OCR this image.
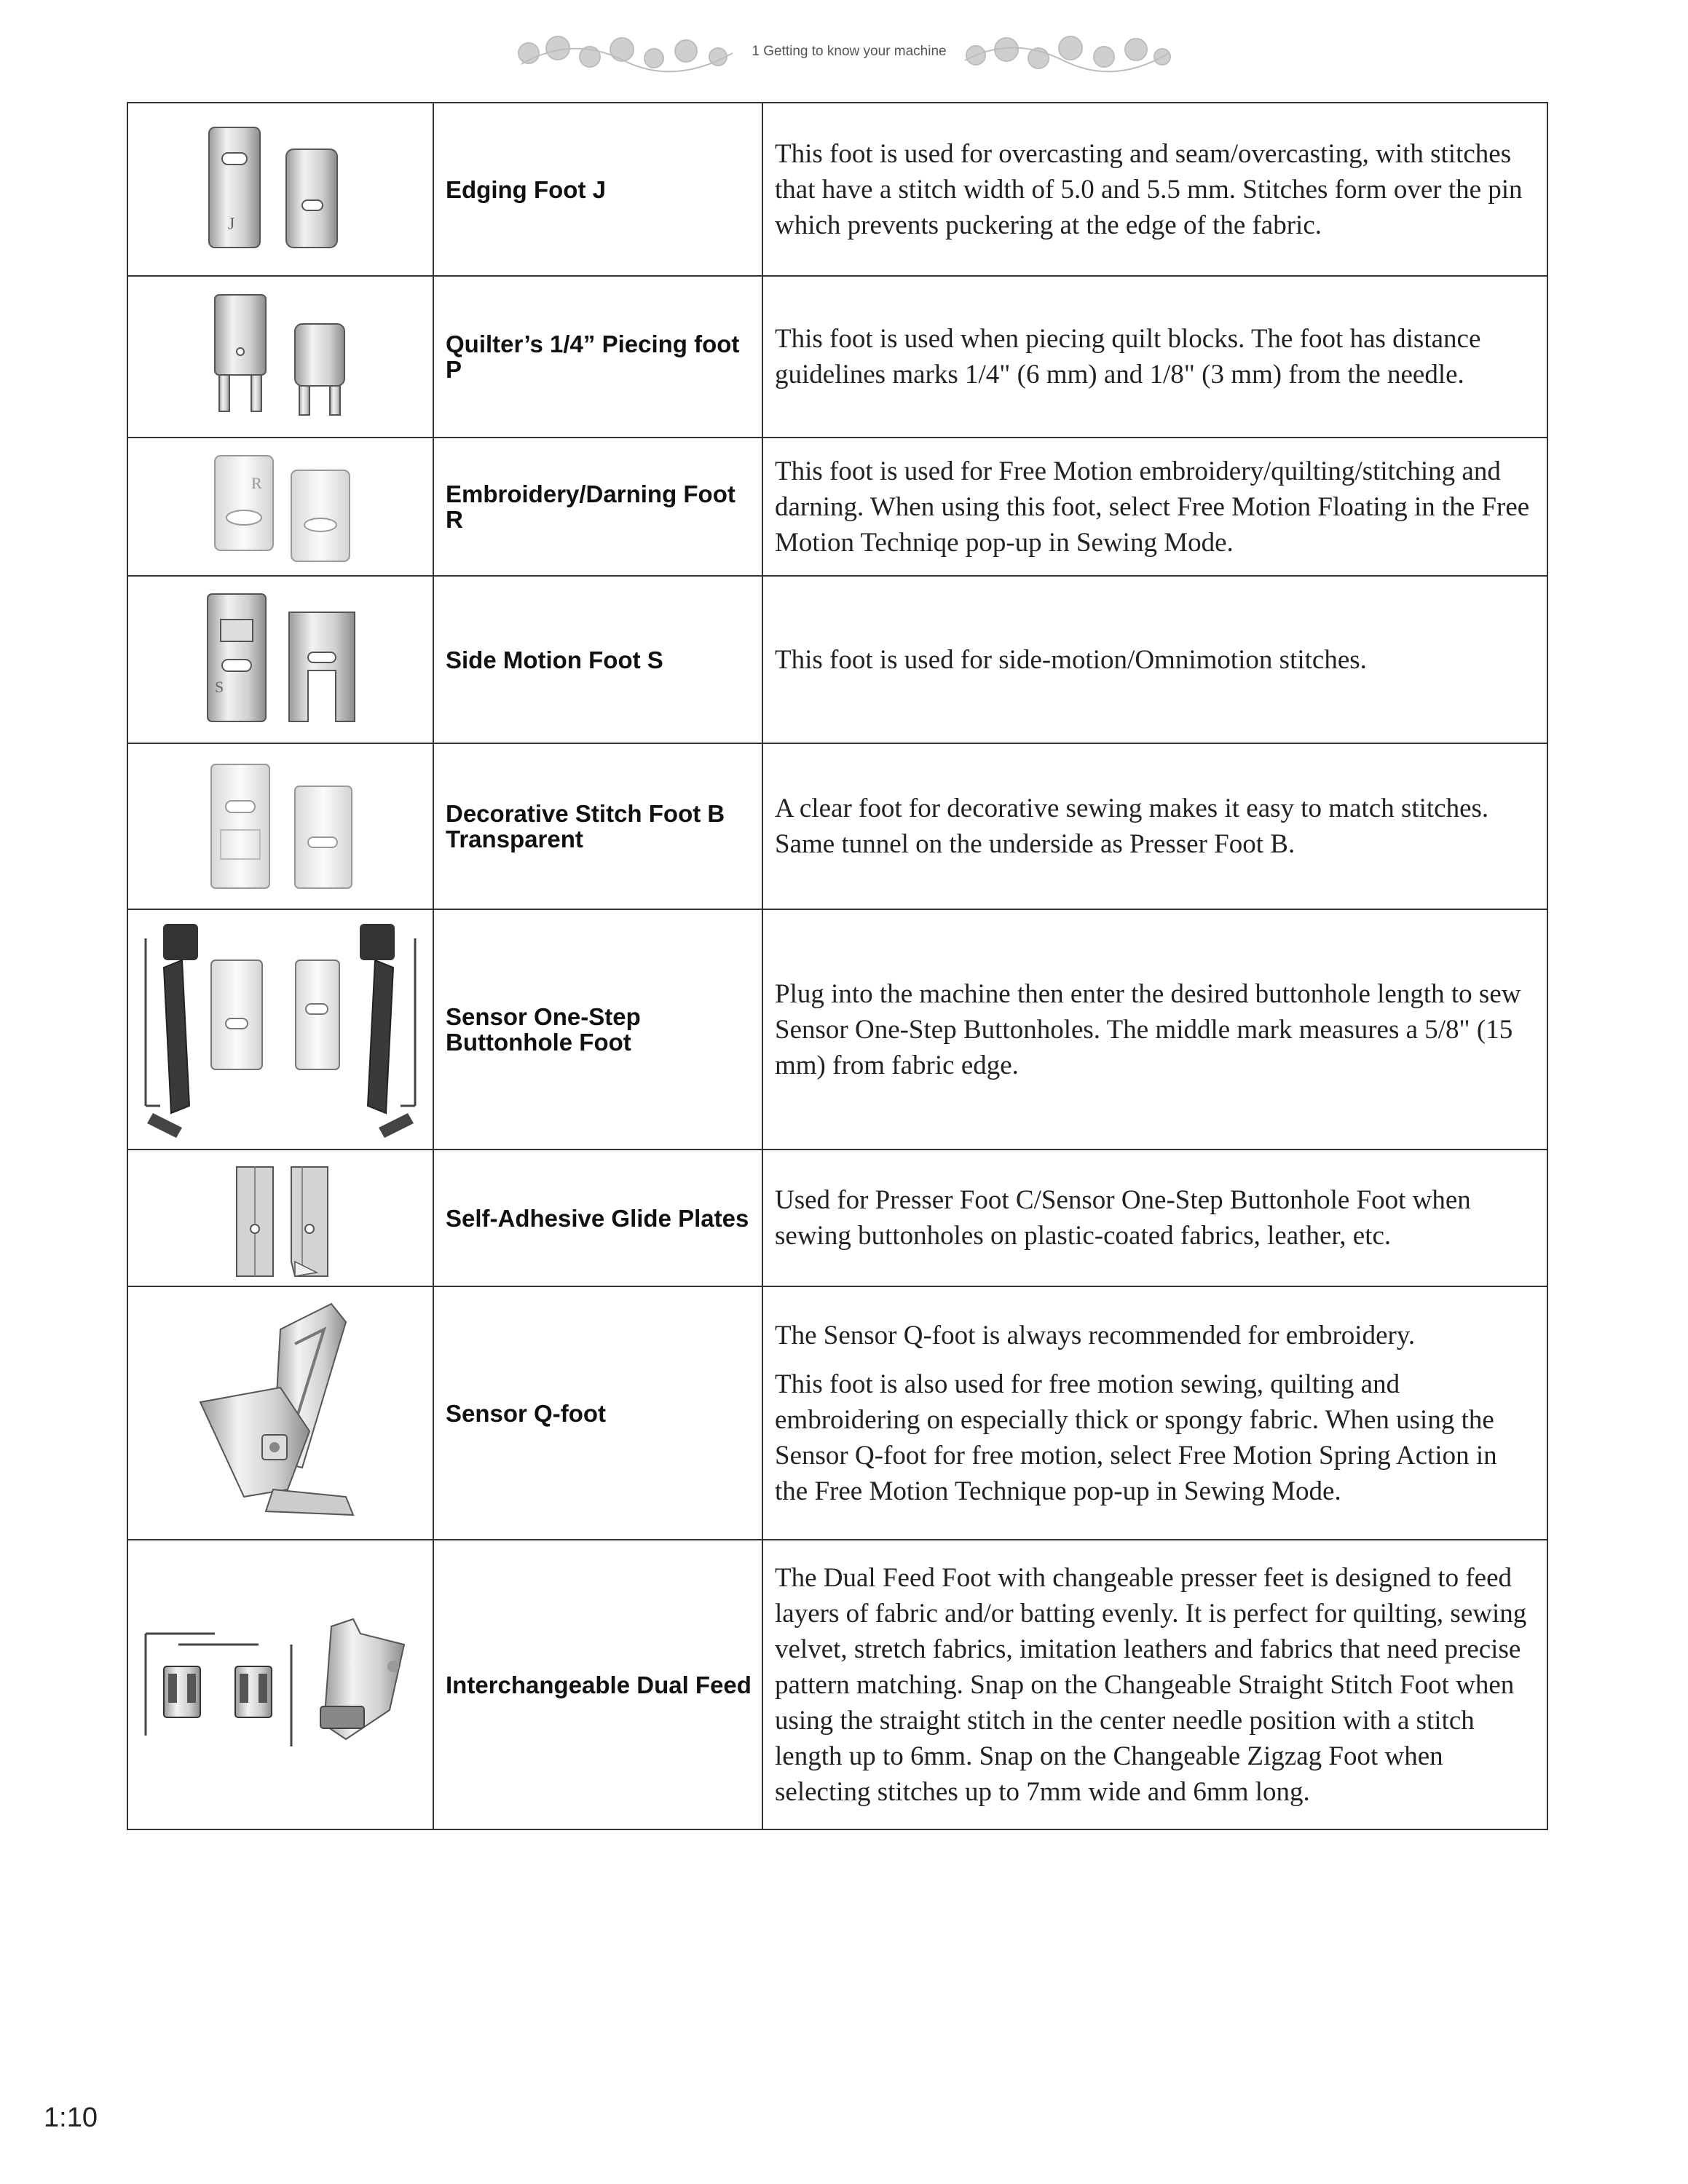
1 Getting to know your machine
J	Edging Foot J	This foot is used for overcasting and seam/overcasting, with stitches that have a stitch width of 5.0 and 5.5 mm. Stitches form over the pin which prevents puckering at the edge of the fabric.

	Quilter’s 1/4” Piecing foot P	This foot is used when piecing quilt blocks. The foot has distance guidelines marks 1/4" (6 mm) and 1/8" (3 mm) from the needle.

R	Embroidery/Darning Foot R	This foot is used for Free Motion embroidery/quilting/stitching and darning. When using this foot, select Free Motion Floating in the Free Motion Techniqe pop-up in Sewing Mode.

S	Side Motion Foot S	This foot is used for side-motion/Omnimotion stitches.

	Decorative Stitch Foot B Transparent	A clear foot for decorative sewing makes it easy to match stitches. Same tunnel on the underside as Presser Foot B.

	Sensor One-Step Buttonhole Foot	Plug into the machine then enter the desired buttonhole length to sew Sensor One-Step Buttonholes. The middle mark measures a 5/8" (15 mm) from fabric edge.

	Self-Adhesive Glide Plates	Used for Presser Foot C/Sensor One-Step Buttonhole Foot when sewing buttonholes on plastic-coated fabrics, leather, etc.

	Sensor Q-foot	The Sensor Q-foot is always recommended for embroidery.

This foot is also used for free motion sewing, quilting and embroidering on especially thick or spongy fabric. When using the Sensor Q-foot for free motion, select Free Motion Spring Action in the Free Motion Technique pop-up in Sewing Mode.

	Interchangeable Dual Feed	The Dual Feed Foot with changeable presser feet is designed to feed layers of fabric and/or batting evenly. It is perfect for quilting, sewing velvet, stretch fabrics, imitation leathers and fabrics that need precise pattern matching. Snap on the Changeable Straight Stitch Foot when using the straight stitch in the center needle position with a stitch length up to 6mm. Snap on the Changeable Zigzag Foot when selecting stitches up to 7mm wide and 6mm long.

1:10
